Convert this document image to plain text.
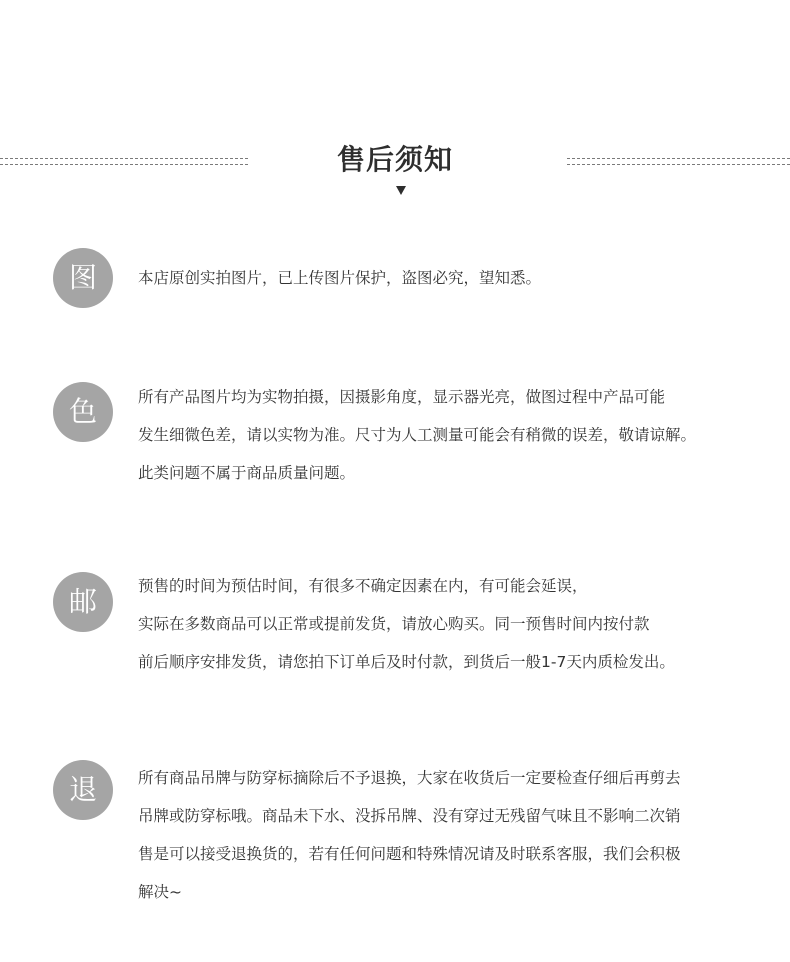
售后须知
图	本店原创实拍图片，已上传图片保护，盗图必究，望知悉。
色	所有产品图片均为实物拍摄，因摄影角度，显示器光亮，做图过程中产品可能
发生细微色差，请以实物为准。尺寸为人工测量可能会有稍微的误差，敬请谅解。
此类问题不属于商品质量问题。
邮	预售的时间为预估时间，有很多不确定因素在内，有可能会延误，
实际在多数商品可以正常或提前发货，请放心购买。同一预售时间内按付款
前后顺序安排发货，请您拍下订单后及时付款，到货后一般1-7天内质检发出。
退	所有商品吊牌与防穿标摘除后不予退换，大家在收货后一定要检查仔细后再剪去
吊牌或防穿标哦。商品未下水、没拆吊牌、没有穿过无残留气味且不影响二次销
售是可以接受退换货的，若有任何问题和特殊情况请及时联系客服，我们会积极
解决~
